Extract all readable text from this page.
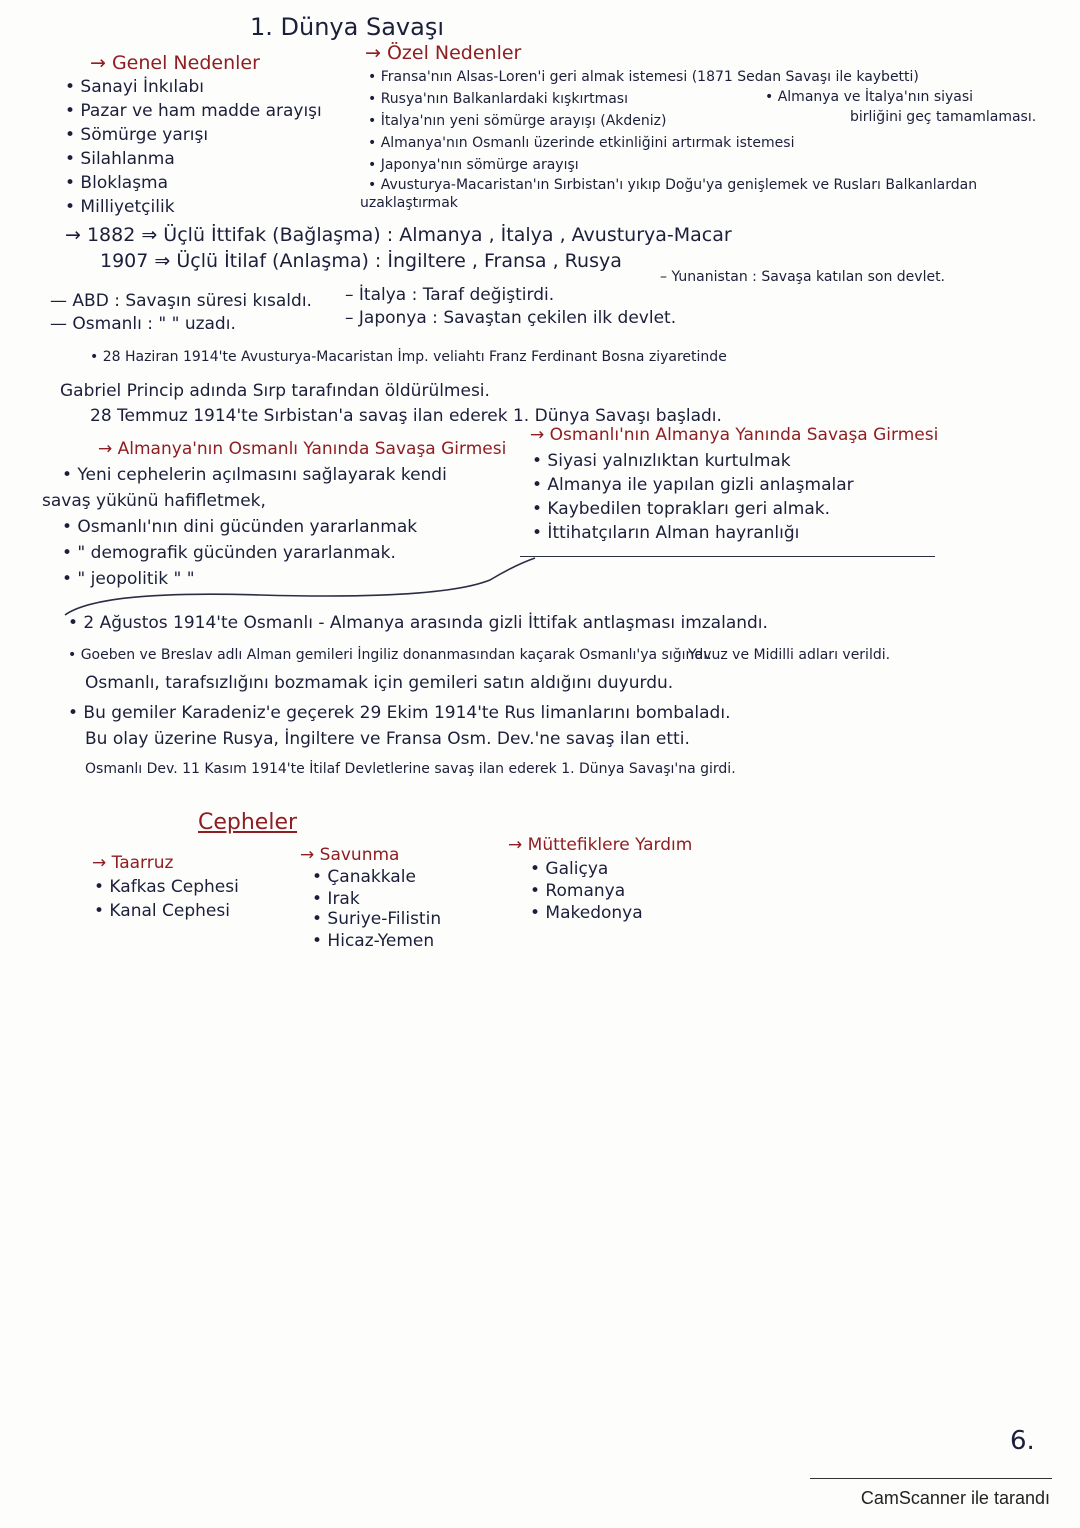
1. Dünya Savaşı
→ Genel Nedenler
• Sanayi İnkılabı
• Pazar ve ham madde arayışı
• Sömürge yarışı
• Silahlanma
• Bloklaşma
• Milliyetçilik
→ Özel Nedenler
• Fransa'nın Alsas-Loren'i geri almak istemesi (1871 Sedan Savaşı ile kaybetti)
• Rusya'nın Balkanlardaki kışkırtması
• İtalya'nın yeni sömürge arayışı (Akdeniz)
• Almanya'nın Osmanlı üzerinde etkinliğini artırmak istemesi
• Japonya'nın sömürge arayışı
• Avusturya-Macaristan'ın Sırbistan'ı yıkıp Doğu'ya genişlemek ve Rusları Balkanlardan
uzaklaştırmak
• Almanya ve İtalya'nın siyasi
birliğini geç tamamlaması.
→ 1882 ⇒ Üçlü İttifak (Bağlaşma) : Almanya , İtalya , Avusturya-Macar
1907 ⇒ Üçlü İtilaf (Anlaşma) : İngiltere , Fransa , Rusya
— ABD : Savaşın süresi kısaldı.
— Osmanlı : " " uzadı.
– İtalya : Taraf değiştirdi.
– Japonya : Savaştan çekilen ilk devlet.
– Yunanistan : Savaşa katılan son devlet.
• 28 Haziran 1914'te Avusturya-Macaristan İmp. veliahtı Franz Ferdinant Bosna ziyaretinde
Gabriel Princip adında Sırp tarafından öldürülmesi.
28 Temmuz 1914'te Sırbistan'a savaş ilan ederek 1. Dünya Savaşı başladı.
→ Almanya'nın Osmanlı Yanında Savaşa Girmesi
• Yeni cephelerin açılmasını sağlayarak kendi
savaş yükünü hafifletmek,
• Osmanlı'nın dini gücünden yararlanmak
• " demografik gücünden yararlanmak.
• " jeopolitik " "
→ Osmanlı'nın Almanya Yanında Savaşa Girmesi
• Siyasi yalnızlıktan kurtulmak
• Almanya ile yapılan gizli anlaşmalar
• Kaybedilen toprakları geri almak.
• İttihatçıların Alman hayranlığı
• 2 Ağustos 1914'te Osmanlı - Almanya arasında gizli İttifak antlaşması imzalandı.
• Goeben ve Breslav adlı Alman gemileri İngiliz donanmasından kaçarak Osmanlı'ya sığındı.
Yavuz ve Midilli adları verildi.
Osmanlı, tarafsızlığını bozmamak için gemileri satın aldığını duyurdu.
• Bu gemiler Karadeniz'e geçerek 29 Ekim 1914'te Rus limanlarını bombaladı.
Bu olay üzerine Rusya, İngiltere ve Fransa Osm. Dev.'ne savaş ilan etti.
Osmanlı Dev. 11 Kasım 1914'te İtilaf Devletlerine savaş ilan ederek 1. Dünya Savaşı'na girdi.
Cepheler
→ Taarruz
• Kafkas Cephesi
• Kanal Cephesi
→ Savunma
• Çanakkale
• Irak
• Suriye-Filistin
• Hicaz-Yemen
→ Müttefiklere Yardım
• Galiçya
• Romanya
• Makedonya
6.
CamScanner ile tarandı
